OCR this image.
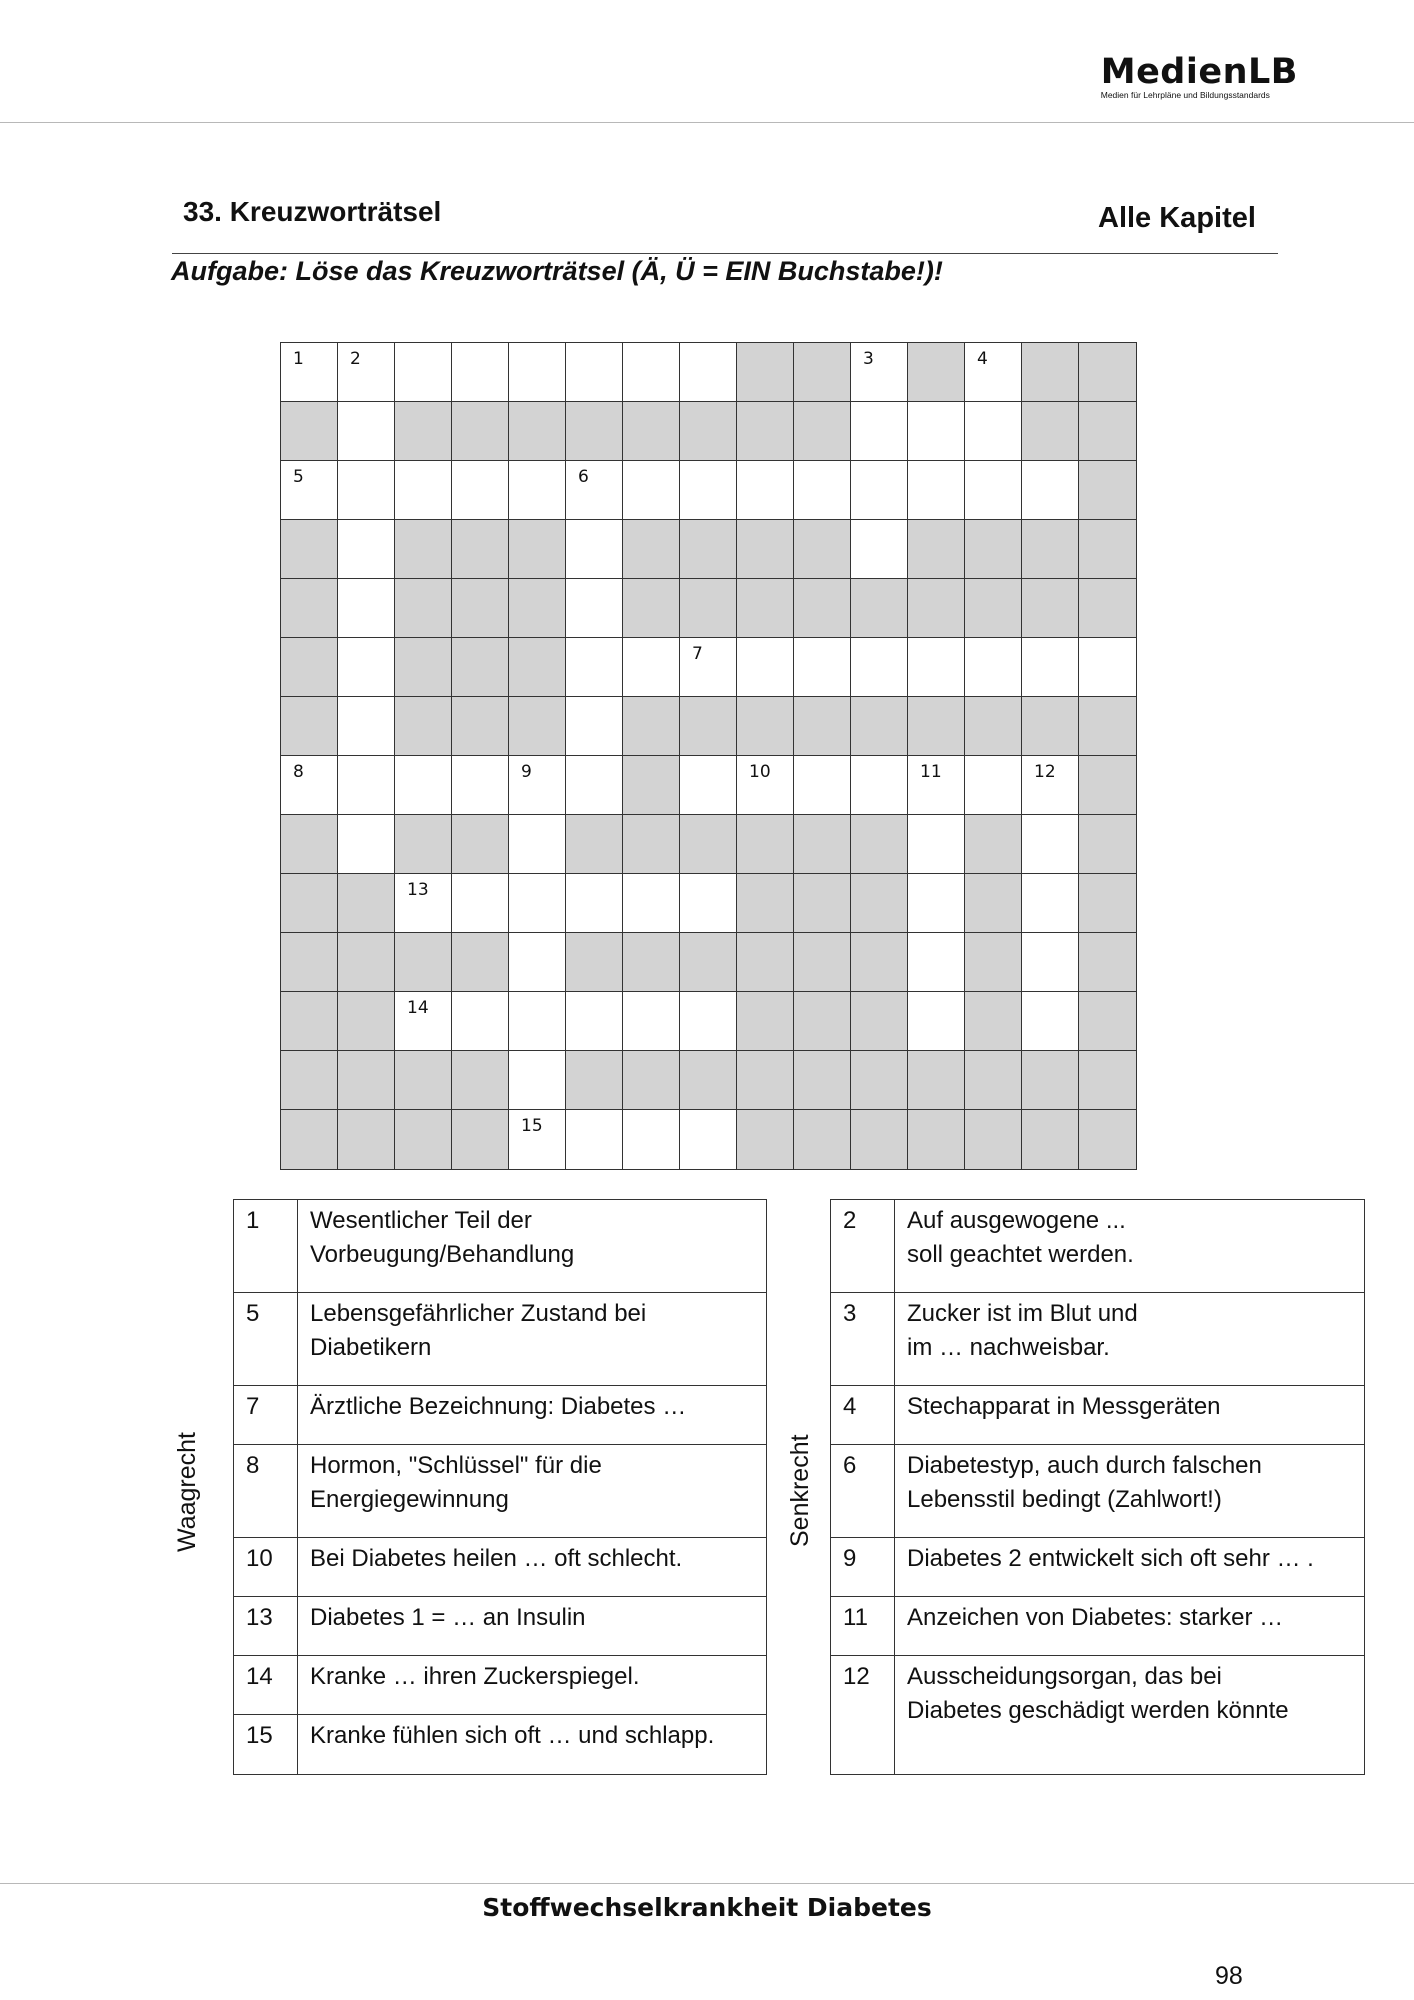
MedienLB
Medien für Lehrpläne und Bildungsstandards
33. Kreuzworträtsel	Alle Kapitel
Aufgabe: Löse das Kreuzworträtsel (Ä, Ü = EIN Buchstabe!)!
1	2	3	4
5	6
7
8	9	10	11	12
13
14
15
Waagrecht
1	Wesentlicher Teil der
Vorbeugung/Behandlung

5	Lebensgefährlicher Zustand bei
Diabetikern

7	Ärztliche Bezeichnung: Diabetes …

8	Hormon, "Schlüssel" für die
Energiegewinnung

10	Bei Diabetes heilen … oft schlecht.

13	Diabetes 1 = … an Insulin

14	Kranke … ihren Zuckerspiegel.

15	Kranke fühlen sich oft … und schlapp.
Senkrecht
2	Auf ausgewogene ...
soll geachtet werden.

3	Zucker ist im Blut und
im … nachweisbar.

4	Stechapparat in Messgeräten

6	Diabetestyp, auch durch falschen
Lebensstil bedingt (Zahlwort!)

9	Diabetes 2 entwickelt sich oft sehr … .

11	Anzeichen von Diabetes: starker …

12	Ausscheidungsorgan, das bei
Diabetes geschädigt werden könnte
Stoffwechselkrankheit Diabetes
98
